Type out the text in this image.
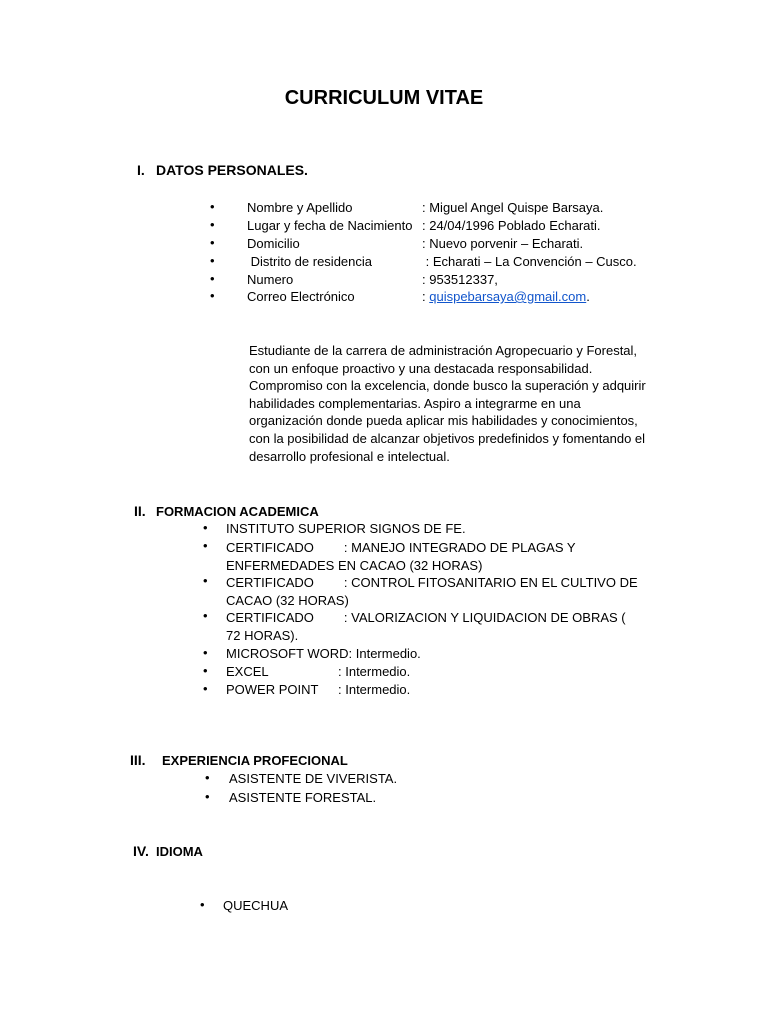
CURRICULUM VITAE
I. DATOS PERSONALES.
• Nombre y Apellido	: Miguel Angel Quispe Barsaya.
• Lugar y fecha de Nacimiento : 24/04/1996 Poblado Echarati.
• Domicilio	: Nuevo porvenir – Echarati.
• Distrito de residencia	: Echarati – La Convención – Cusco.
• Numero	: 953512337,
• Correo Electrónico	: quispebarsaya@gmail.com.
Estudiante de la carrera de administración Agropecuario y Forestal, con un enfoque proactivo y una destacada responsabilidad. Compromiso con la excelencia, donde busco la superación y adquirir habilidades complementarias. Aspiro a integrarme en una organización donde pueda aplicar mis habilidades y conocimientos, con la posibilidad de alcanzar objetivos predefinidos y fomentando el desarrollo profesional e intelectual.
II. FORMACION ACADEMICA
• INSTITUTO SUPERIOR SIGNOS DE FE.
• CERTIFICADO : MANEJO INTEGRADO DE PLAGAS Y ENFERMEDADES EN CACAO (32 HORAS)
• CERTIFICADO : CONTROL FITOSANITARIO EN EL CULTIVO DE CACAO (32 HORAS)
• CERTIFICADO : VALORIZACION Y LIQUIDACION DE OBRAS ( 72 HORAS).
• MICROSOFT WORD: Intermedio.
• EXCEL	: Intermedio.
• POWER POINT : Intermedio.
III. EXPERIENCIA PROFECIONAL
• ASISTENTE DE VIVERISTA.
• ASISTENTE FORESTAL.
IV. IDIOMA
• QUECHUA
